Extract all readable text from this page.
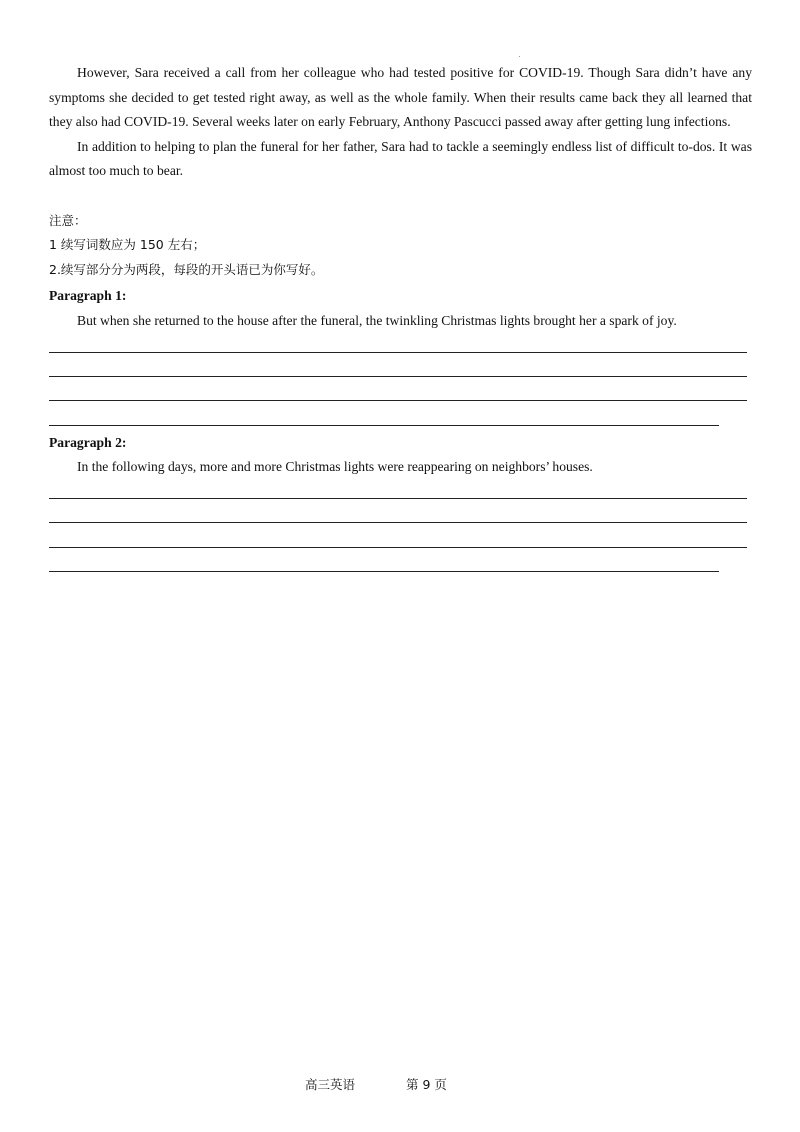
However, Sara received a call from her colleague who had tested positive for COVID-19. Though Sara didn’t have any symptoms she decided to get tested right away, as well as the whole family. When their results came back they all learned that they also had COVID-19. Several weeks later on early February, Anthony Pascucci passed away after getting lung infections.

In addition to helping to plan the funeral for her father, Sara had to tackle a seemingly endless list of difficult to-dos. It was almost too much to bear.

注意：
1 续写词数应为 150 左右；
2.续写部分分为两段，每段的开头语已为你写好。
Paragraph 1:
But when she returned to the house after the funeral, the twinkling Christmas lights brought her a spark of joy.
Paragraph 2:
In the following days, more and more Christmas lights were reappearing on neighbors’ houses.
高三英语	第 9 页
